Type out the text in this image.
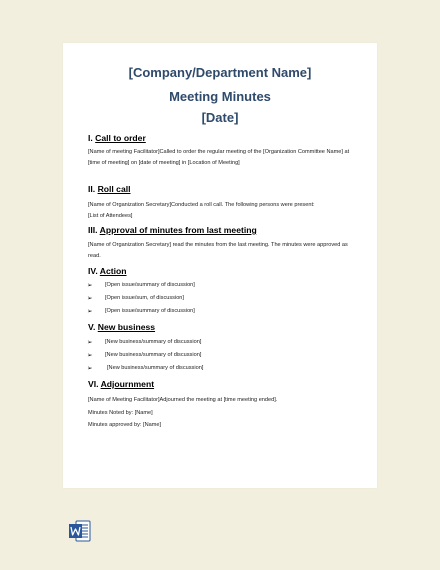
[Company/Department Name]
Meeting Minutes
[Date]
I. Call to order
[Name of meeting Facilitator]Called to order the regular meeting of the [Organization Committee Name] at [time of meeting] on [date of meeting] in [Location of Meeting]
II. Roll call
[Name of Organization Secretary]Conducted a roll call. The following persons were present:
[List of Attendees]
III. Approval of minutes from last meeting
[Name of Organization Secretary] read the minutes from the last meeting. The minutes were approved as read.
IV. Action
➢ [Open issue/summary of discussion]
➢ [Open issue/sum, of discussion]
➢ [Open issue/summary of discussion]
V. New business
➢ [New business/summary of discussion]
➢ [New business/summary of discussion]
➢	[New business/summary of discussion]
VI. Adjournment
[Name of Meeting Facilitator]Adjourned the meeting at [time meeting ended].
Minutes Noted by: [Name]
Minutes approved by: [Name]
